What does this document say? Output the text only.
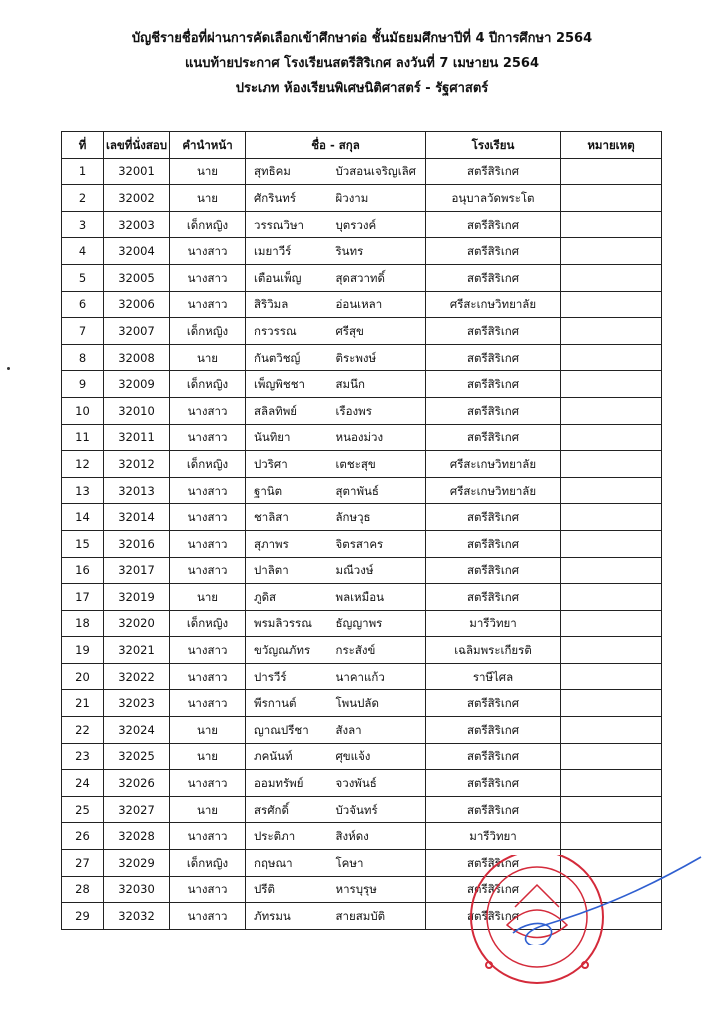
บัญชีรายชื่อที่ผ่านการคัดเลือกเข้าศึกษาต่อ ชั้นมัธยมศึกษาปีที่ 4 ปีการศึกษา 2564
แนบท้ายประกาศ โรงเรียนสตรีสิริเกศ ลงวันที่ 7 เมษายน 2564
ประเภท ห้องเรียนพิเศษนิติศาสตร์ - รัฐศาสตร์
ที่	เลขที่นั่งสอบ	คำนำหน้า	ชื่อ - สกุล		โรงเรียน	หมายเหตุ
1	32001	นาย	สุทธิคม	บัวสอนเจริญเลิศ	สตรีสิริเกศ	
2	32002	นาย	ศักรินทร์	ผิวงาม	อนุบาลวัดพระโต	
3	32003	เด็กหญิง	วรรณวิษา	บุตรวงค์	สตรีสิริเกศ	
4	32004	นางสาว	เมยาวีร์	รินทร	สตรีสิริเกศ	
5	32005	นางสาว	เตือนเพ็ญ	สุดสวาทดิ์	สตรีสิริเกศ	
6	32006	นางสาว	สิริวิมล	อ่อนเหลา	ศรีสะเกษวิทยาลัย	
7	32007	เด็กหญิง	กรวรรณ	ศรีสุข	สตรีสิริเกศ	
8	32008	นาย	กันตวิชญ์	ติระพงษ์	สตรีสิริเกศ	
9	32009	เด็กหญิง	เพ็ญพิชชา	สมนึก	สตรีสิริเกศ	
10	32010	นางสาว	สลิลทิพย์	เรืองพร	สตรีสิริเกศ	
11	32011	นางสาว	นันทิยา	หนองม่วง	สตรีสิริเกศ	
12	32012	เด็กหญิง	ปวริศา	เตชะสุข	ศรีสะเกษวิทยาลัย	
13	32013	นางสาว	ฐานิต	สุตาพันธ์	ศรีสะเกษวิทยาลัย	
14	32014	นางสาว	ชาลิสา	ลักษวุธ	สตรีสิริเกศ	
15	32016	นางสาว	สุภาพร	จิตรสาคร	สตรีสิริเกศ	
16	32017	นางสาว	ปาลิตา	มณีวงษ์	สตรีสิริเกศ	
17	32019	นาย	ภูดิส	พลเหมือน	สตรีสิริเกศ	
18	32020	เด็กหญิง	พรมลิวรรณ	ธัญญาพร	มารีวิทยา	
19	32021	นางสาว	ขวัญณภัทร	กระสังข์	เฉลิมพระเกียรติ	
20	32022	นางสาว	ปารวีร์	นาคาแก้ว	ราษีไศล	
21	32023	นางสาว	พีรกานต์	โพนปลัด	สตรีสิริเกศ	
22	32024	นาย	ญาณปรีชา	สังลา	สตรีสิริเกศ	
23	32025	นาย	ภคนันท์	ศุขแจ้ง	สตรีสิริเกศ	
24	32026	นางสาว	ออมทรัพย์	จวงพันธ์	สตรีสิริเกศ	
25	32027	นาย	สรศักดิ์	บัวจันทร์	สตรีสิริเกศ	
26	32028	นางสาว	ประติภา	สิงห์ดง	มารีวิทยา	
27	32029	เด็กหญิง	กฤษณา	โคษา	สตรีสิริเกศ	
28	32030	นางสาว	ปรีติ	หารบุรุษ	สตรีสิริเกศ	
29	32032	นางสาว	ภัทรมน	สายสมบัติ	สตรีสิริเกศ	
